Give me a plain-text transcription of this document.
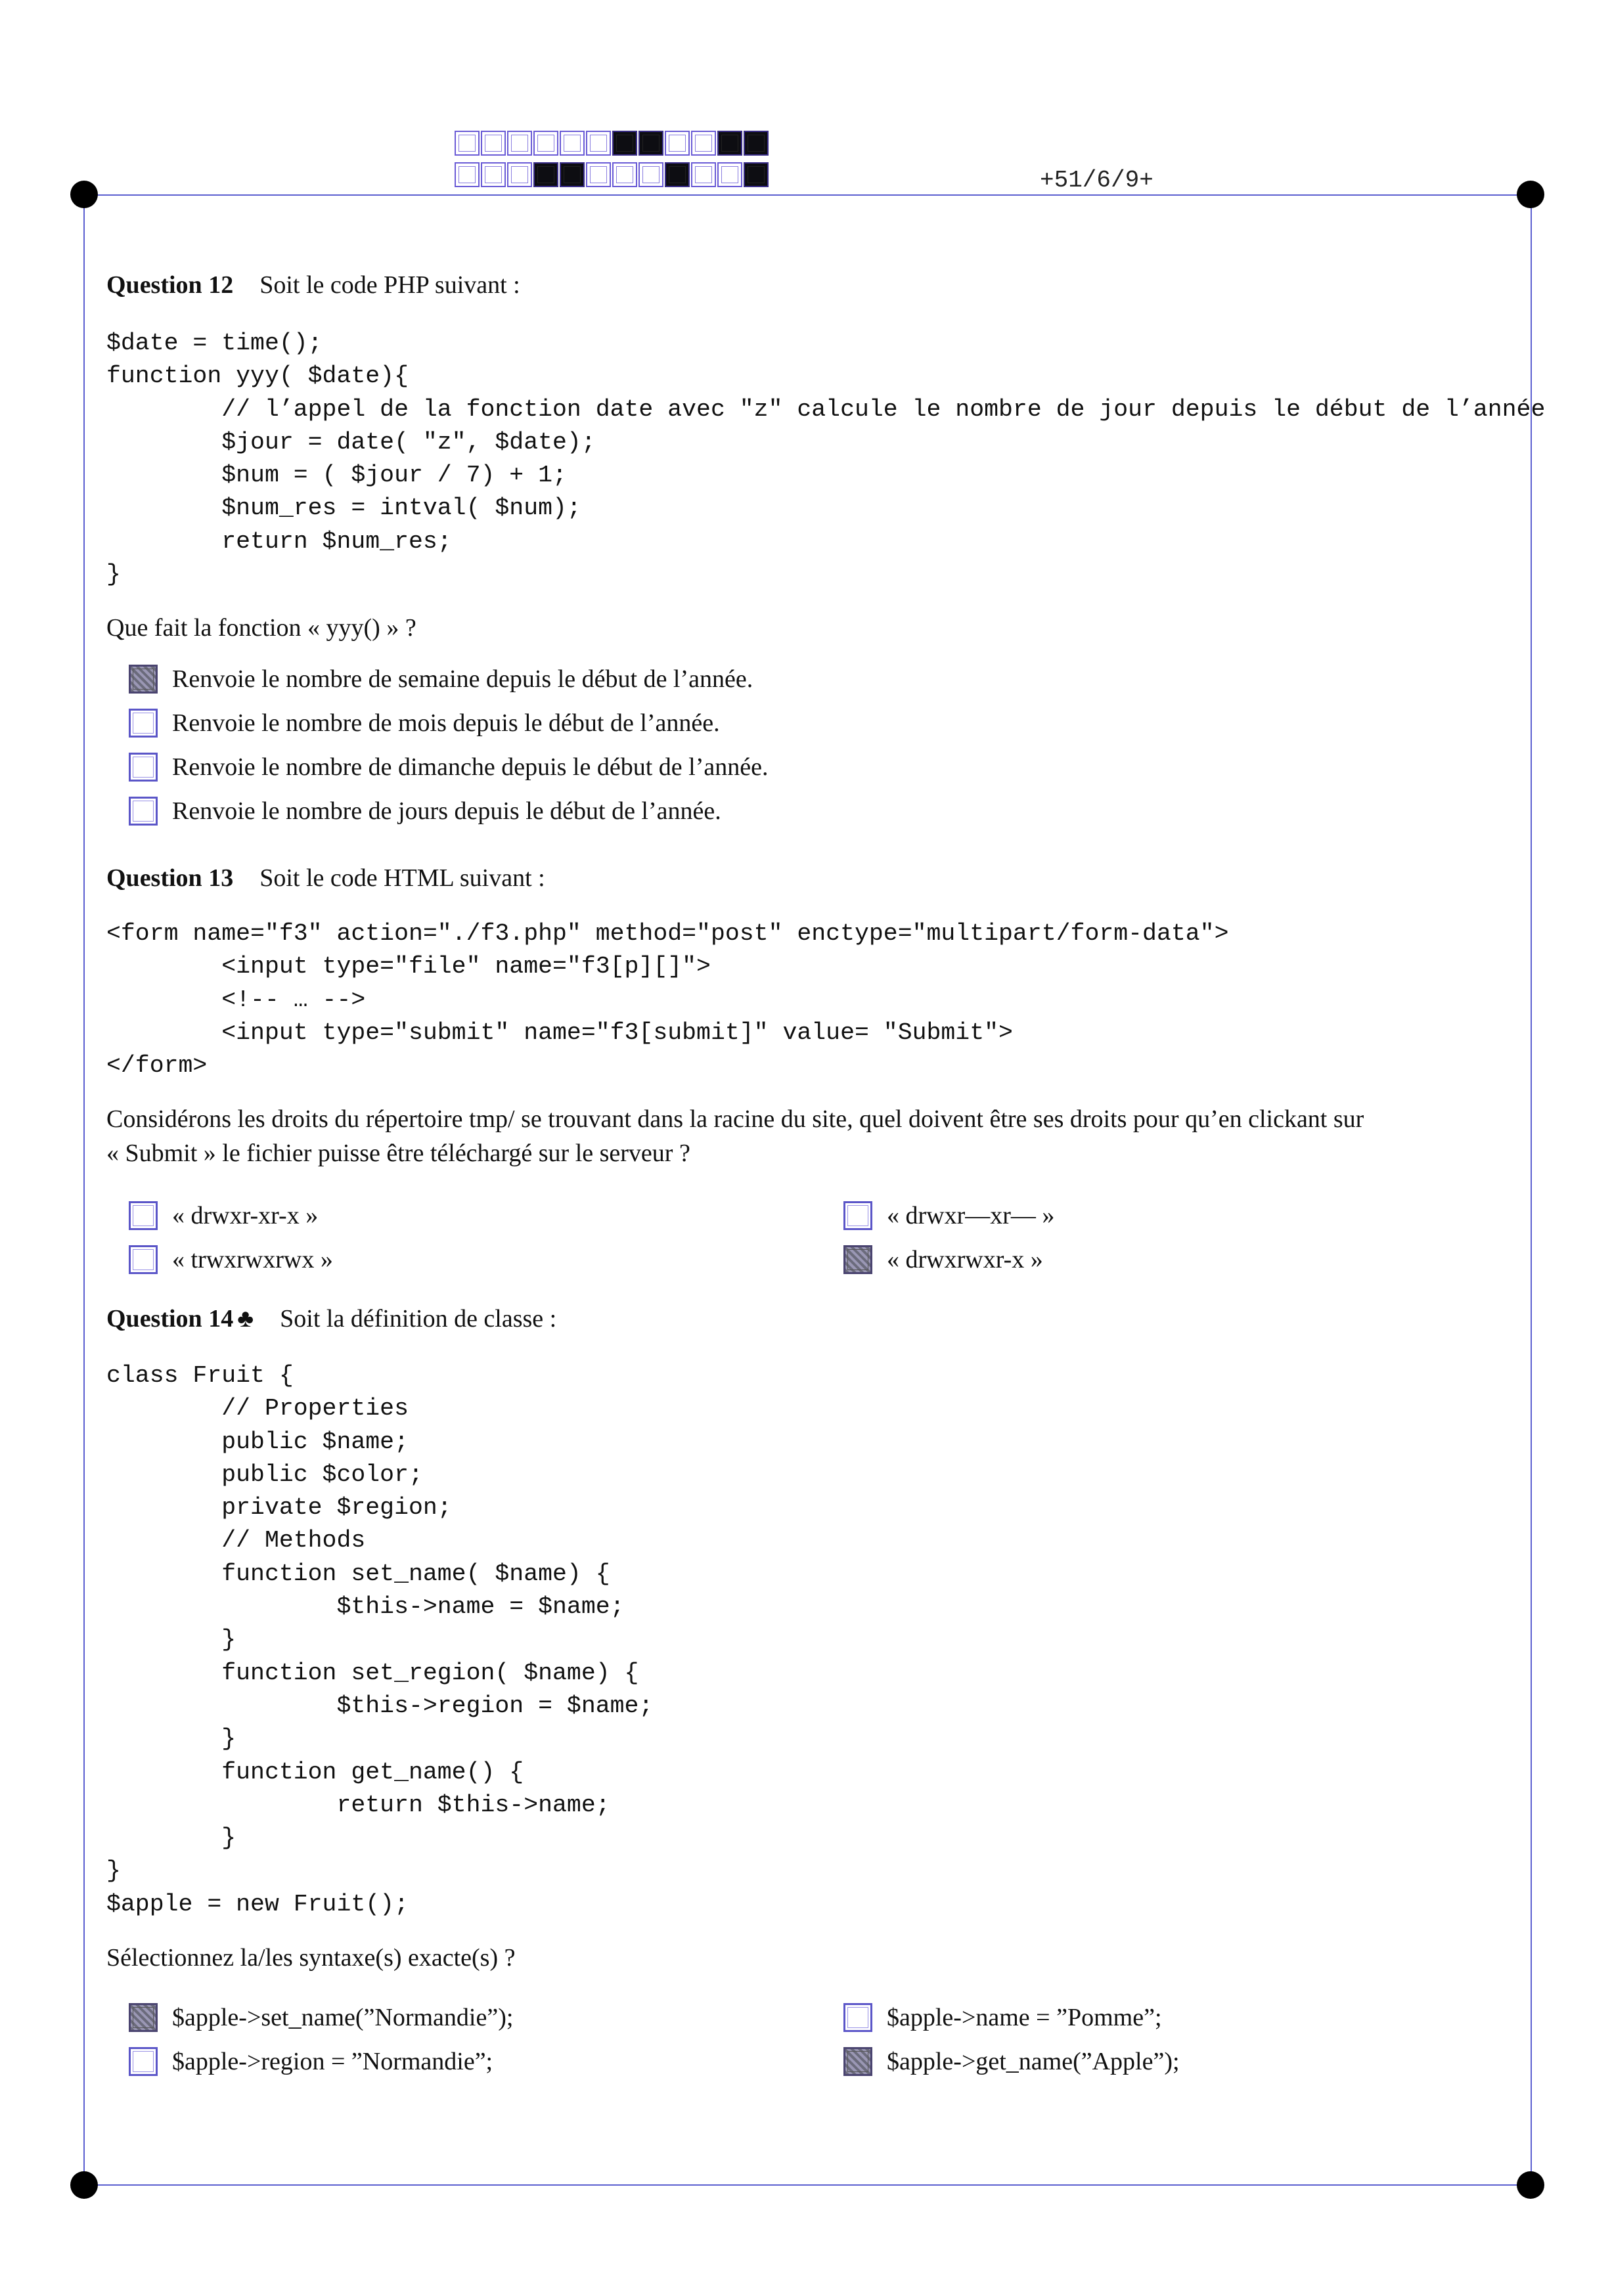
+51/6/9+
Question 12 Soit le code PHP suivant :
$date = time();
function yyy( $date){
// l’appel de la fonction date avec "z" calcule le nombre de jour depuis le début de l’année
$jour = date( "z", $date);
$num = ( $jour / 7) + 1;
$num_res = intval( $num);
return $num_res;
}
Que fait la fonction « yyy() » ?
Renvoie le nombre de semaine depuis le début de l’année.
Renvoie le nombre de mois depuis le début de l’année.
Renvoie le nombre de dimanche depuis le début de l’année.
Renvoie le nombre de jours depuis le début de l’année.
Question 13 Soit le code HTML suivant :
<form name="f3" action="./f3.php" method="post" enctype="multipart/form-data">
<input type="file" name="f3[p][]">
<!-- … -->
<input type="submit" name="f3[submit]" value= "Submit">
</form>
Considérons les droits du répertoire tmp/ se trouvant dans la racine du site, quel doivent être ses droits pour qu’en clickant sur
« Submit » le fichier puisse être téléchargé sur le serveur ?
« drwxr-xr-x »	« drwxr—xr— »
« trwxrwxrwx »	« drwxrwxr-x »
Question 14 ♣ Soit la définition de classe :
class Fruit {
// Properties
public $name;
public $color;
private $region;
// Methods
function set_name( $name) {
$this->name = $name;
}
function set_region( $name) {
$this->region = $name;
}
function get_name() {
return $this->name;
}
}
$apple = new Fruit();
Sélectionnez la/les syntaxe(s) exacte(s) ?
$apple->set_name(”Normandie”);	$apple->name = ”Pomme”;
$apple->region = ”Normandie”;	$apple->get_name(”Apple”);
